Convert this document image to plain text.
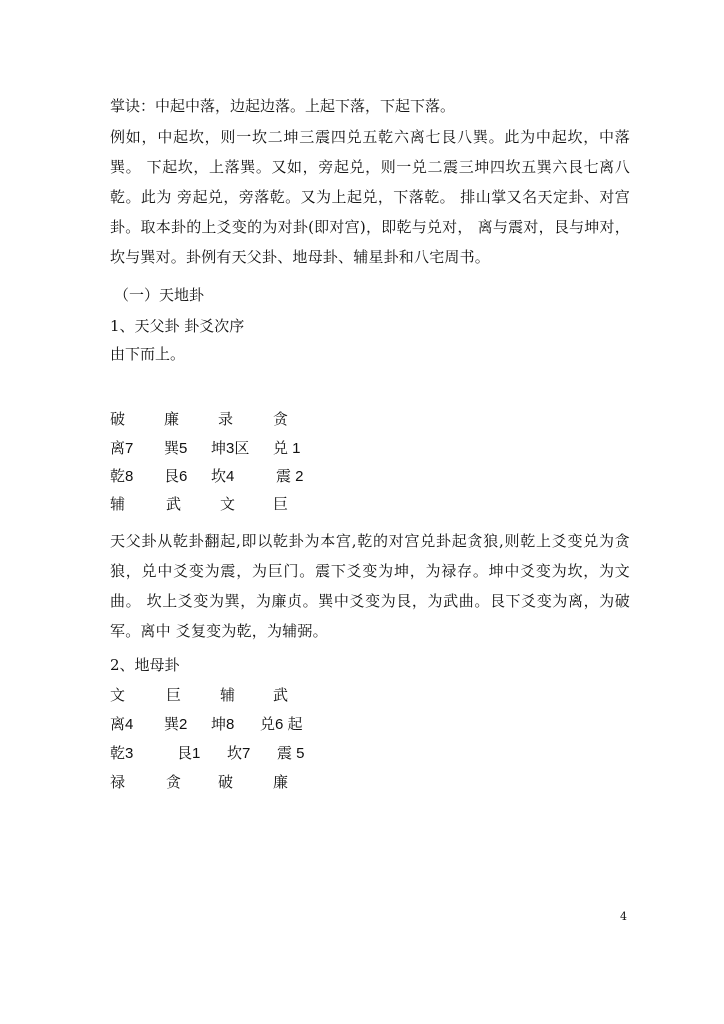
掌诀：中起中落，边起边落。上起下落，下起下落。
例如，中起坎，则一坎二坤三震四兑五乾六离七艮八巽。此为中起坎，中落巽。 下起坎，上落巽。又如，旁起兑，则一兑二震三坤四坎五巽六艮七离八乾。此为 旁起兑，旁落乾。又为上起兑，下落乾。 排山掌又名天定卦、对宫卦。取本卦的上爻变的为对卦(即对宫)，即乾与兑对， 离与震对，艮与坤对，坎与巽对。卦例有天父卦、地母卦、辅星卦和八宅周书。
（一）天地卦
1、天父卦 卦爻次序
由下而上。
破	廉	录	贪
离7 巽5 坤3区 兑 1
乾8 艮6 坎4	震 2
辅	武	文	巨
天父卦从乾卦翻起,即以乾卦为本宫,乾的对宫兑卦起贪狼,则乾上爻变兑为贪 狼，兑中爻变为震，为巨门。震下爻变为坤，为禄存。坤中爻变为坎，为文曲。 坎上爻变为巽，为廉贞。巽中爻变为艮，为武曲。艮下爻变为离，为破军。离中 爻复变为乾，为辅弼。
2、地母卦
文	巨	辅	武
离4 巽2 坤8 兑6 起
乾3	艮1 坎7 震 5
禄	贪 破	廉
4
